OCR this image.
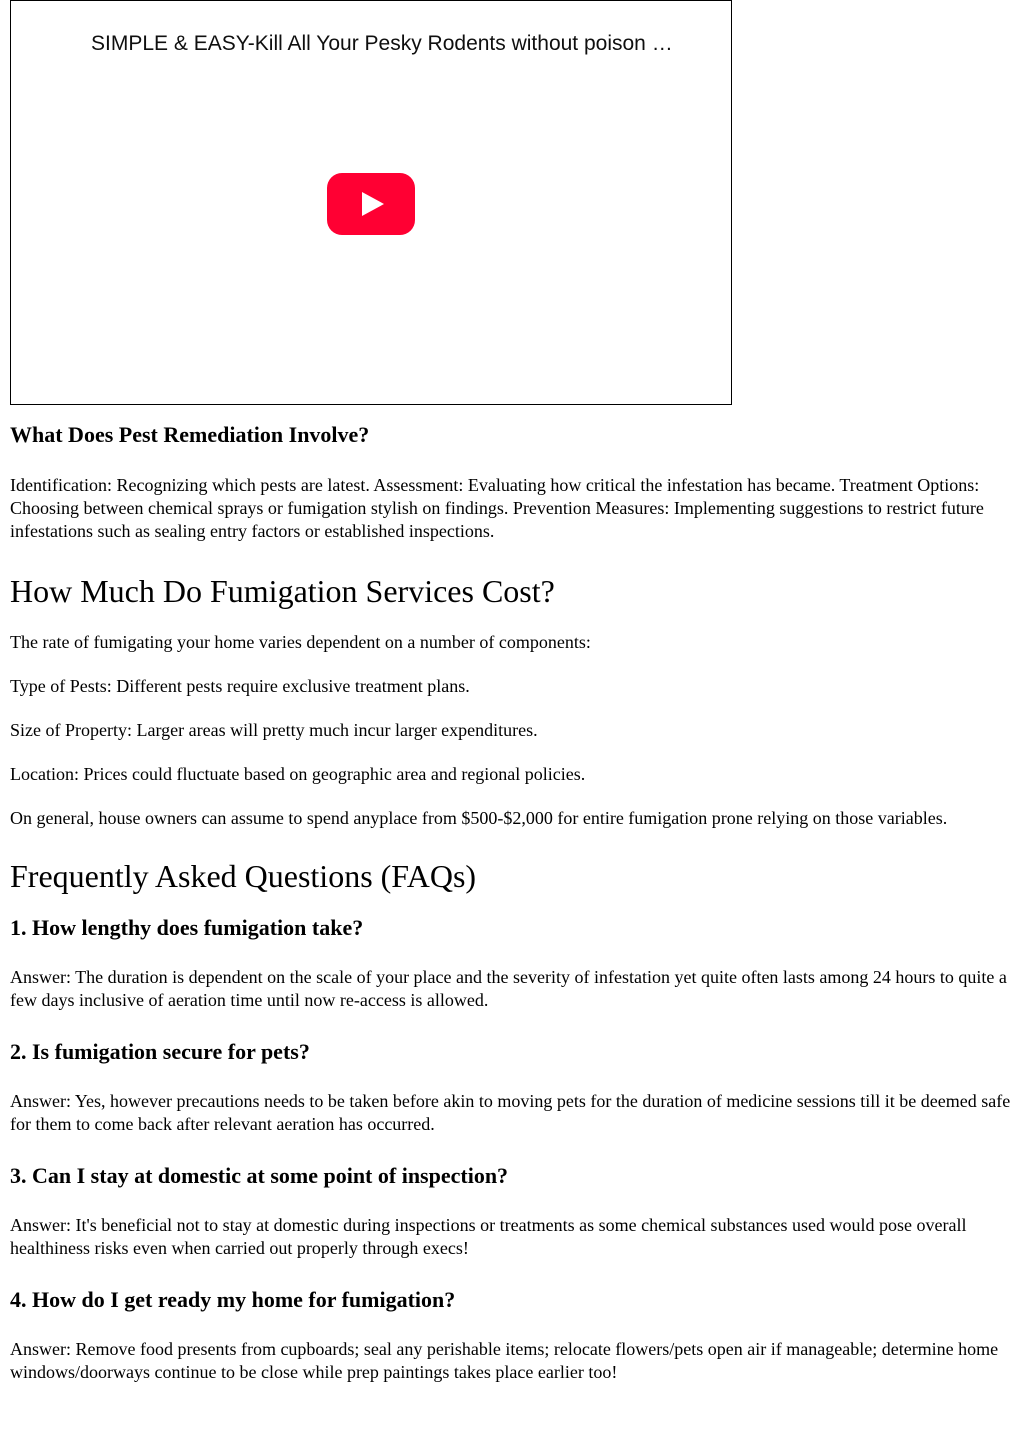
SIMPLE & EASY-Kill All Your Pesky Rodents without poison …
What Does Pest Remediation Involve?

Identification: Recognizing which pests are latest. Assessment: Evaluating how critical the infestation has became. Treatment Options: Choosing between chemical sprays or fumigation stylish on findings. Prevention Measures: Implementing suggestions to restrict future infestations such as sealing entry factors or established inspections.

How Much Do Fumigation Services Cost?

The rate of fumigating your home varies dependent on a number of components:

Type of Pests: Different pests require exclusive treatment plans.

Size of Property: Larger areas will pretty much incur larger expenditures.

Location: Prices could fluctuate based on geographic area and regional policies.

On general, house owners can assume to spend anyplace from $500-$2,000 for entire fumigation prone relying on those variables.

Frequently Asked Questions (FAQs)
1. How lengthy does fumigation take?

Answer: The duration is dependent on the scale of your place and the severity of infestation yet quite often lasts among 24 hours to quite a few days inclusive of aeration time until now re-access is allowed.

2. Is fumigation secure for pets?

Answer: Yes, however precautions needs to be taken before akin to moving pets for the duration of medicine sessions till it be deemed safe for them to come back after relevant aeration has occurred.

3. Can I stay at domestic at some point of inspection?

Answer: It's beneficial not to stay at domestic during inspections or treatments as some chemical substances used would pose overall healthiness risks even when carried out properly through execs!

4. How do I get ready my home for fumigation?

Answer: Remove food presents from cupboards; seal any perishable items; relocate flowers/pets open air if manageable; determine home windows/doorways continue to be close while prep paintings takes place earlier too!
